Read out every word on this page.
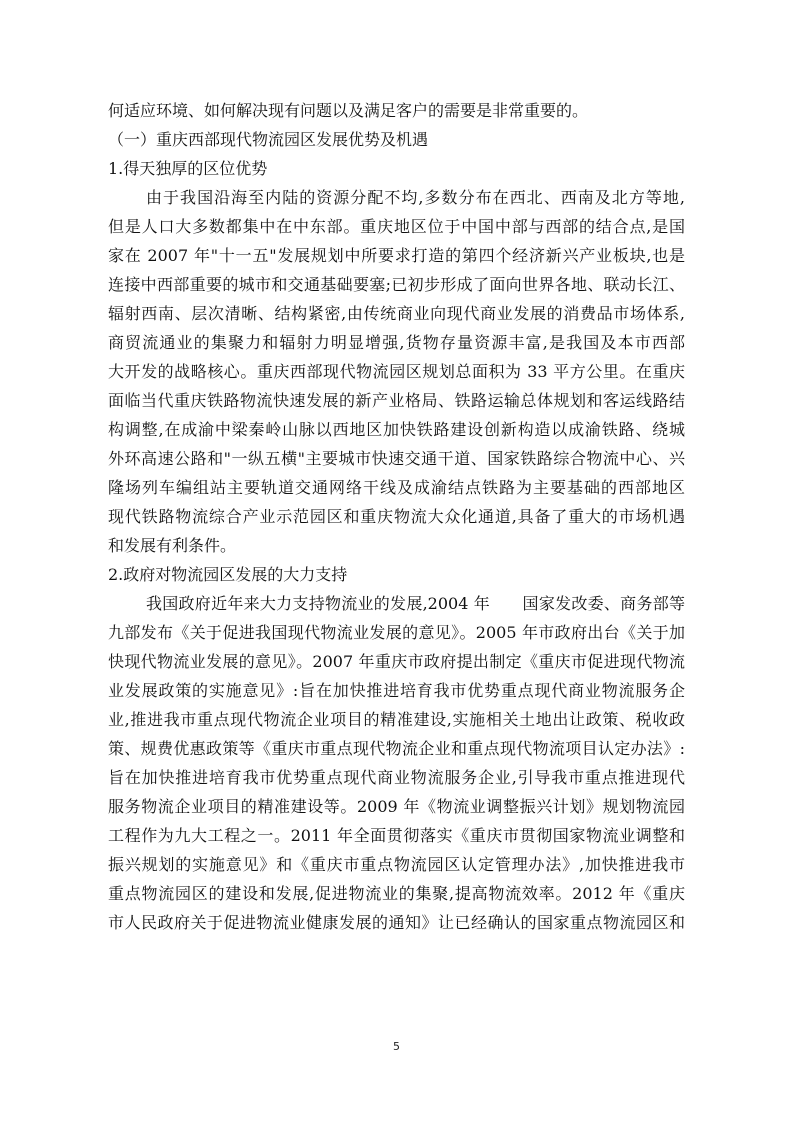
何适应环境、如何解决现有问题以及满足客户的需要是非常重要的。
（一）重庆西部现代物流园区发展优势及机遇
1.得天独厚的区位优势
由于我国沿海至内陆的资源分配不均,多数分布在西北、西南及北方等地,
但是人口大多数都集中在中东部。重庆地区位于中国中部与西部的结合点,是国
家在 2007 年"十一五"发展规划中所要求打造的第四个经济新兴产业板块,也是
连接中西部重要的城市和交通基础要塞;已初步形成了面向世界各地、联动长江、
辐射西南、层次清晰、结构紧密,由传统商业向现代商业发展的消费品市场体系,
商贸流通业的集聚力和辐射力明显增强,货物存量资源丰富,是我国及本市西部
大开发的战略核心。重庆西部现代物流园区规划总面积为 33 平方公里。在重庆
面临当代重庆铁路物流快速发展的新产业格局、铁路运输总体规划和客运线路结
构调整,在成渝中梁秦岭山脉以西地区加快铁路建设创新构造以成渝铁路、绕城
外环高速公路和"一纵五横"主要城市快速交通干道、国家铁路综合物流中心、兴
隆场列车编组站主要轨道交通网络干线及成渝结点铁路为主要基础的西部地区
现代铁路物流综合产业示范园区和重庆物流大众化通道,具备了重大的市场机遇
和发展有利条件。
2.政府对物流园区发展的大力支持
我国政府近年来大力支持物流业的发展,2004 年　　国家发改委、商务部等
九部发布《关于促进我国现代物流业发展的意见》。2005 年市政府出台《关于加
快现代物流业发展的意见》。2007 年重庆市政府提出制定《重庆市促进现代物流
业发展政策的实施意见》:旨在加快推进培育我市优势重点现代商业物流服务企
业,推进我市重点现代物流企业项目的精准建设,实施相关土地出让政策、税收政
策、规费优惠政策等《重庆市重点现代物流企业和重点现代物流项目认定办法》:
旨在加快推进培育我市优势重点现代商业物流服务企业,引导我市重点推进现代
服务物流企业项目的精准建设等。2009 年《物流业调整振兴计划》规划物流园
工程作为九大工程之一。2011 年全面贯彻落实《重庆市贯彻国家物流业调整和
振兴规划的实施意见》和《重庆市重点物流园区认定管理办法》,加快推进我市
重点物流园区的建设和发展,促进物流业的集聚,提高物流效率。2012 年《重庆
市人民政府关于促进物流业健康发展的通知》让已经确认的国家重点物流园区和
5
